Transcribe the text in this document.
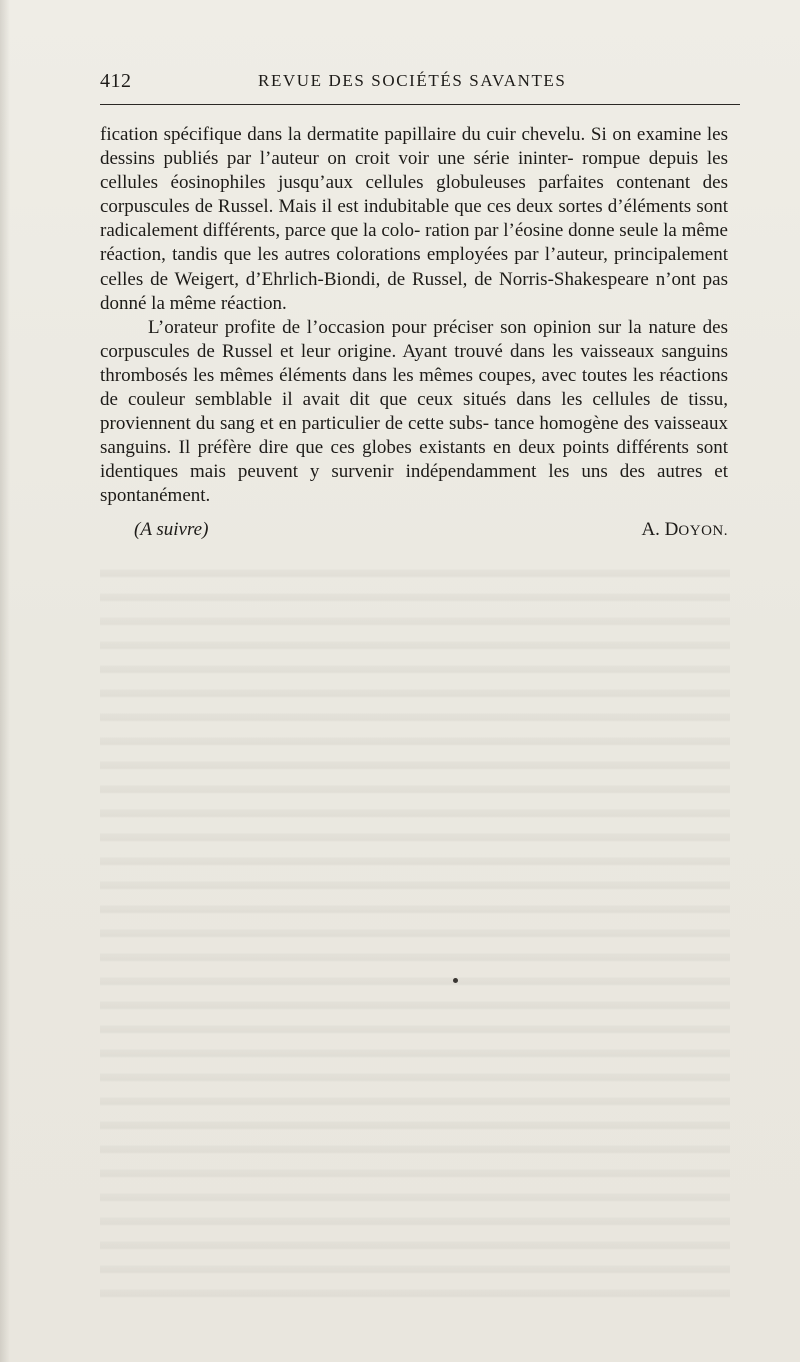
412	REVUE DES SOCIÉTÉS SAVANTES

fication spécifique dans la dermatite papillaire du cuir chevelu. Si on examine les dessins publiés par l’auteur on croit voir une série ininter- rompue depuis les cellules éosinophiles jusqu’aux cellules globuleuses parfaites contenant des corpuscules de Russel. Mais il est indubitable que ces deux sortes d’éléments sont radicalement différents, parce que la colo- ration par l’éosine donne seule la même réaction, tandis que les autres colorations employées par l’auteur, principalement celles de Weigert, d’Ehrlich-Biondi, de Russel, de Norris-Shakespeare n’ont pas donné la même réaction.

L’orateur profite de l’occasion pour préciser son opinion sur la nature des corpuscules de Russel et leur origine. Ayant trouvé dans les vaisseaux sanguins thrombosés les mêmes éléments dans les mêmes coupes, avec toutes les réactions de couleur semblable il avait dit que ceux situés dans les cellules de tissu, proviennent du sang et en particulier de cette subs- tance homogène des vaisseaux sanguins. Il préfère dire que ces globes existants en deux points différents sont identiques mais peuvent y survenir indépendamment les uns des autres et spontanément.

(A suivre)	A. DOYON.
